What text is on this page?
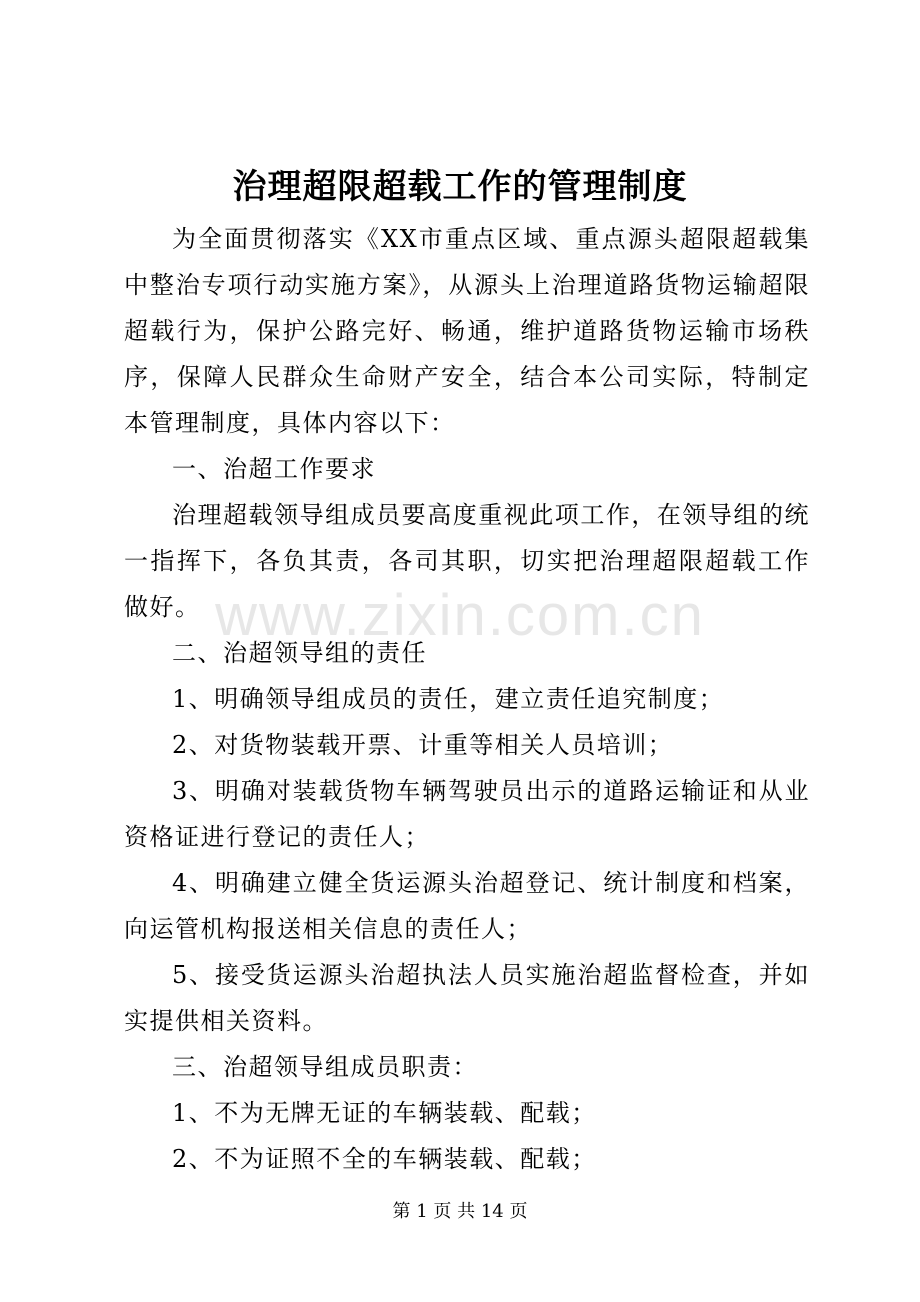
治理超限超载工作的管理制度

为全面贯彻落实《XX市重点区域、重点源头超限超载集中整治专项行动实施方案》，从源头上治理道路货物运输超限超载行为，保护公路完好、畅通，维护道路货物运输市场秩序，保障人民群众生命财产安全，结合本公司实际，特制定本管理制度，具体内容以下：

一、治超工作要求

治理超载领导组成员要高度重视此项工作，在领导组的统一指挥下，各负其责，各司其职，切实把治理超限超载工作做好。

二、治超领导组的责任

1、明确领导组成员的责任，建立责任追究制度；

2、对货物装载开票、计重等相关人员培训；

3、明确对装载货物车辆驾驶员出示的道路运输证和从业资格证进行登记的责任人；

4、明确建立健全货运源头治超登记、统计制度和档案，向运管机构报送相关信息的责任人；

5、接受货运源头治超执法人员实施治超监督检查，并如实提供相关资料。

三、治超领导组成员职责：

1、不为无牌无证的车辆装载、配载；

2、不为证照不全的车辆装载、配载；

www.zixin.com.cn
第 1 页 共 14 页
